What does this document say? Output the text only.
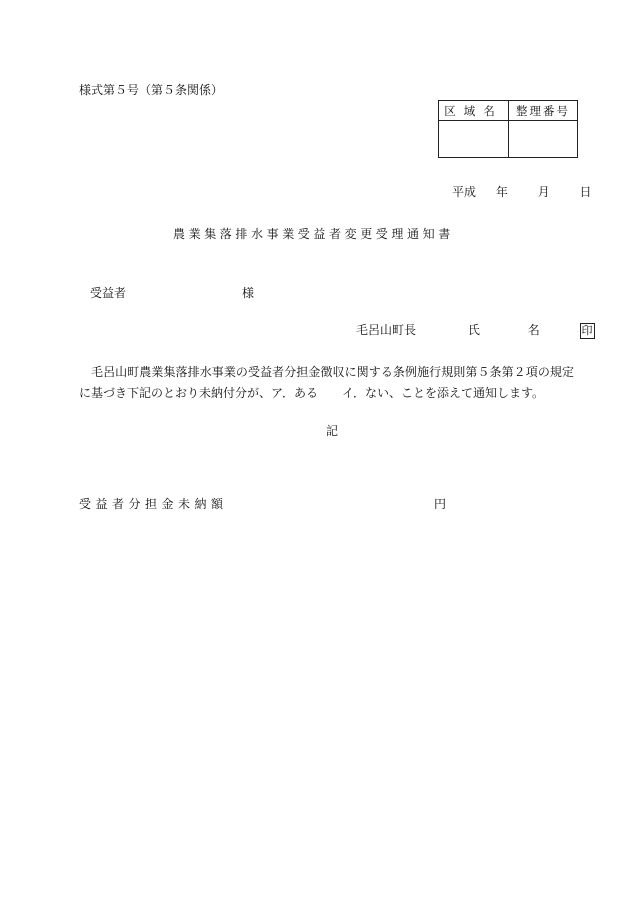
様式第５号（第５条関係）
区域名	整理番号

平成 年 月 日
農業集落排水事業受益者変更受理通知書
受益者	様
毛呂山町長	氏	名	印
毛呂山町農業集落排水事業の受益者分担金徴収に関する条例施行規則第５条第２項の規定に基づき下記のとおり未納付分が、ア．ある　　イ．ない、ことを添えて通知します。
記
受益者分担金未納額	円
